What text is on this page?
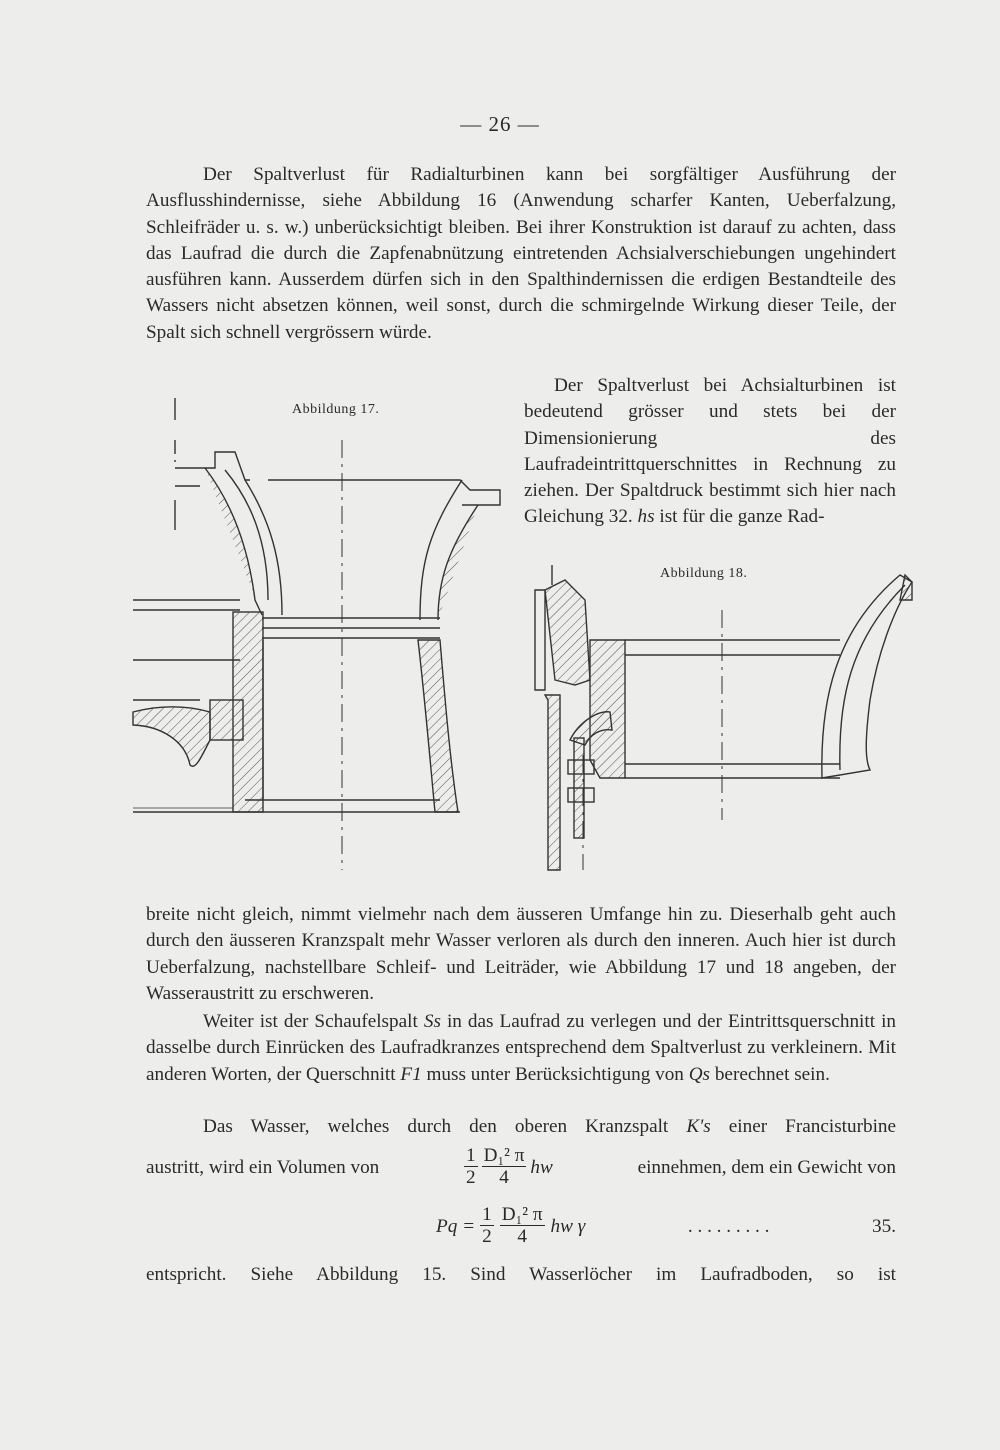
— 26 —

Der Spaltverlust für Radialturbinen kann bei sorgfältiger Ausführung der Ausflusshindernisse, siehe Abbildung 16 (Anwendung scharfer Kanten, Ueberfalzung, Schleifräder u. s. w.) unberücksichtigt bleiben. Bei ihrer Konstruktion ist darauf zu achten, dass das Laufrad die durch die Zapfenabnützung eintretenden Achsialverschiebungen ungehindert ausführen kann. Ausserdem dürfen sich in den Spalthindernissen die erdigen Bestandteile des Wassers nicht absetzen können, weil sonst, durch die schmirgelnde Wirkung dieser Teile, der Spalt sich schnell vergrössern würde.

Der Spaltverlust bei Achsialturbinen ist bedeutend grösser und stets bei der Dimensionierung des Laufradeintrittquerschnittes in Rechnung zu ziehen. Der Spaltdruck bestimmt sich hier nach Gleichung 32. hs ist für die ganze Rad-
Abbildung 17.
Abbildung 18.

breite nicht gleich, nimmt vielmehr nach dem äusseren Umfange hin zu. Dieserhalb geht auch durch den äusseren Kranzspalt mehr Wasser verloren als durch den inneren. Auch hier ist durch Ueberfalzung, nachstellbare Schleif- und Leiträder, wie Abbildung 17 und 18 angeben, der Wasseraustritt zu erschweren.

Weiter ist der Schaufelspalt Ss in das Laufrad zu verlegen und der Eintrittsquerschnitt in dasselbe durch Einrücken des Laufradkranzes entsprechend dem Spaltverlust zu verkleinern. Mit anderen Worten, der Querschnitt F1 muss unter Berücksichtigung von Qs berechnet sein.
Das Wasser, welches durch den oberen Kranzspalt K's einer Francisturbine
austritt, wird ein Volumen von	$\frac{1}{2} \frac{\text{D₁² π}}{4}$ hw	einnehmen, dem ein Gewicht von
$Pq = \frac{1}{2} \frac{\text{D₁² π}}{4}$ hw γ	. . . . . . . . .	35.
entspricht. Siehe Abbildung 15. Sind Wasserlöcher im Laufradboden, so ist
